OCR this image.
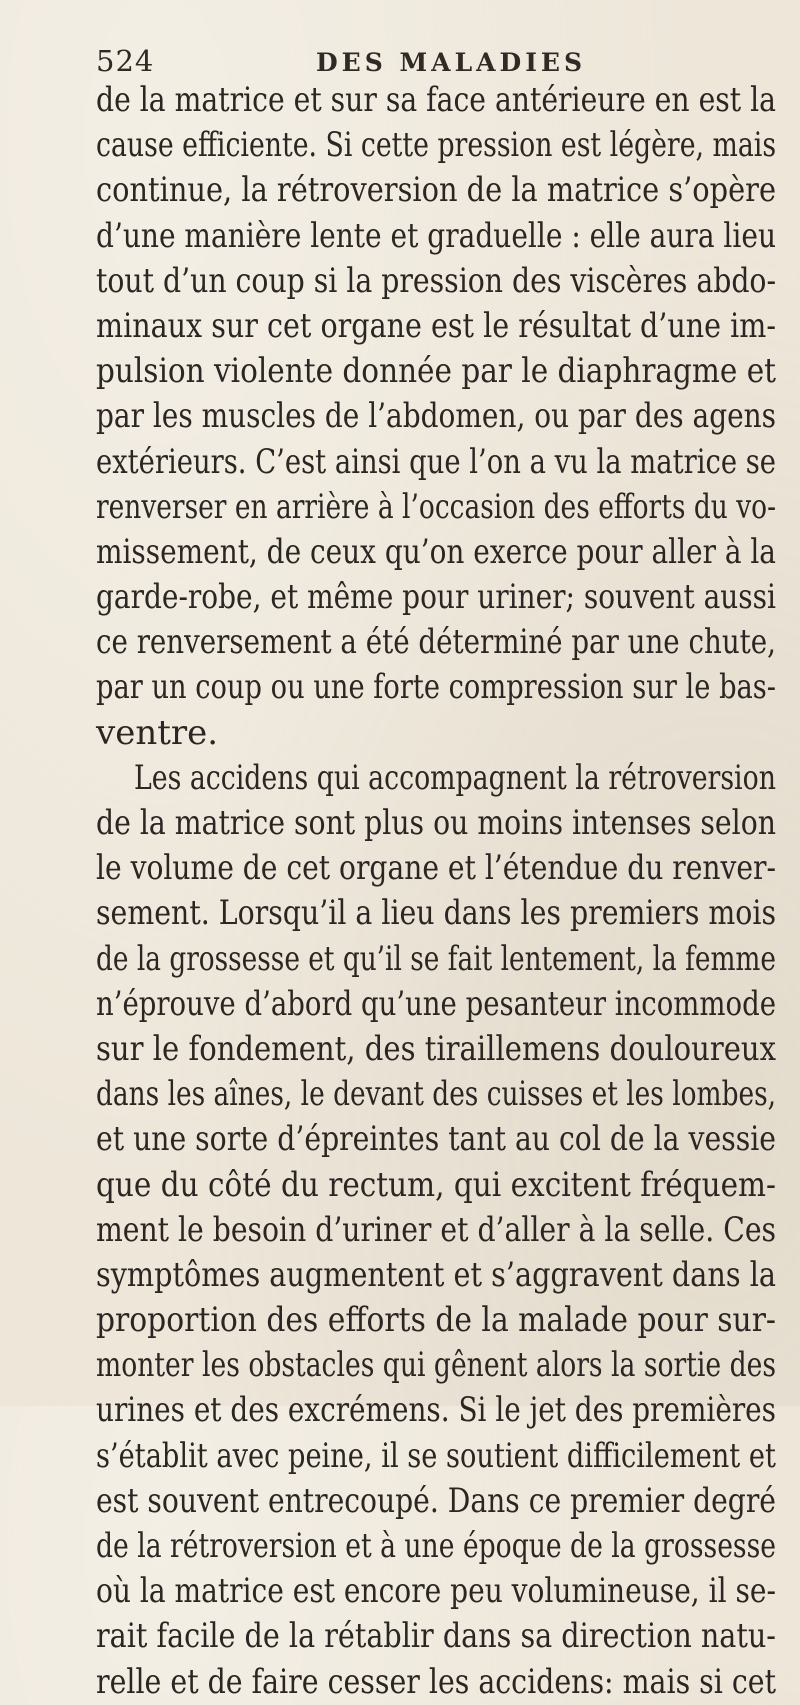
524	DES MALADIES
de la matrice et sur sa face antérieure en est la
cause efficiente. Si cette pression est légère, mais
continue, la rétroversion de la matrice s’opère
d’une manière lente et graduelle : elle aura lieu
tout d’un coup si la pression des viscères abdo-
minaux sur cet organe est le résultat d’une im-
pulsion violente donnée par le diaphragme et
par les muscles de l’abdomen, ou par des agens
extérieurs. C’est ainsi que l’on a vu la matrice se
renverser en arrière à l’occasion des efforts du vo-
missement, de ceux qu’on exerce pour aller à la
garde-robe, et même pour uriner; souvent aussi
ce renversement a été déterminé par une chute,
par un coup ou une forte compression sur le bas-
ventre.
Les accidens qui accompagnent la rétroversion
de la matrice sont plus ou moins intenses selon
le volume de cet organe et l’étendue du renver-
sement. Lorsqu’il a lieu dans les premiers mois
de la grossesse et qu’il se fait lentement, la femme
n’éprouve d’abord qu’une pesanteur incommode
sur le fondement, des tiraillemens douloureux
dans les aînes, le devant des cuisses et les lombes,
et une sorte d’épreintes tant au col de la vessie
que du côté du rectum, qui excitent fréquem-
ment le besoin d’uriner et d’aller à la selle. Ces
symptômes augmentent et s’aggravent dans la
proportion des efforts de la malade pour sur-
monter les obstacles qui gênent alors la sortie des
urines et des excrémens. Si le jet des premières
s’établit avec peine, il se soutient difficilement et
est souvent entrecoupé. Dans ce premier degré
de la rétroversion et à une époque de la grossesse
où la matrice est encore peu volumineuse, il se-
rait facile de la rétablir dans sa direction natu-
relle et de faire cesser les accidens: mais si cet
